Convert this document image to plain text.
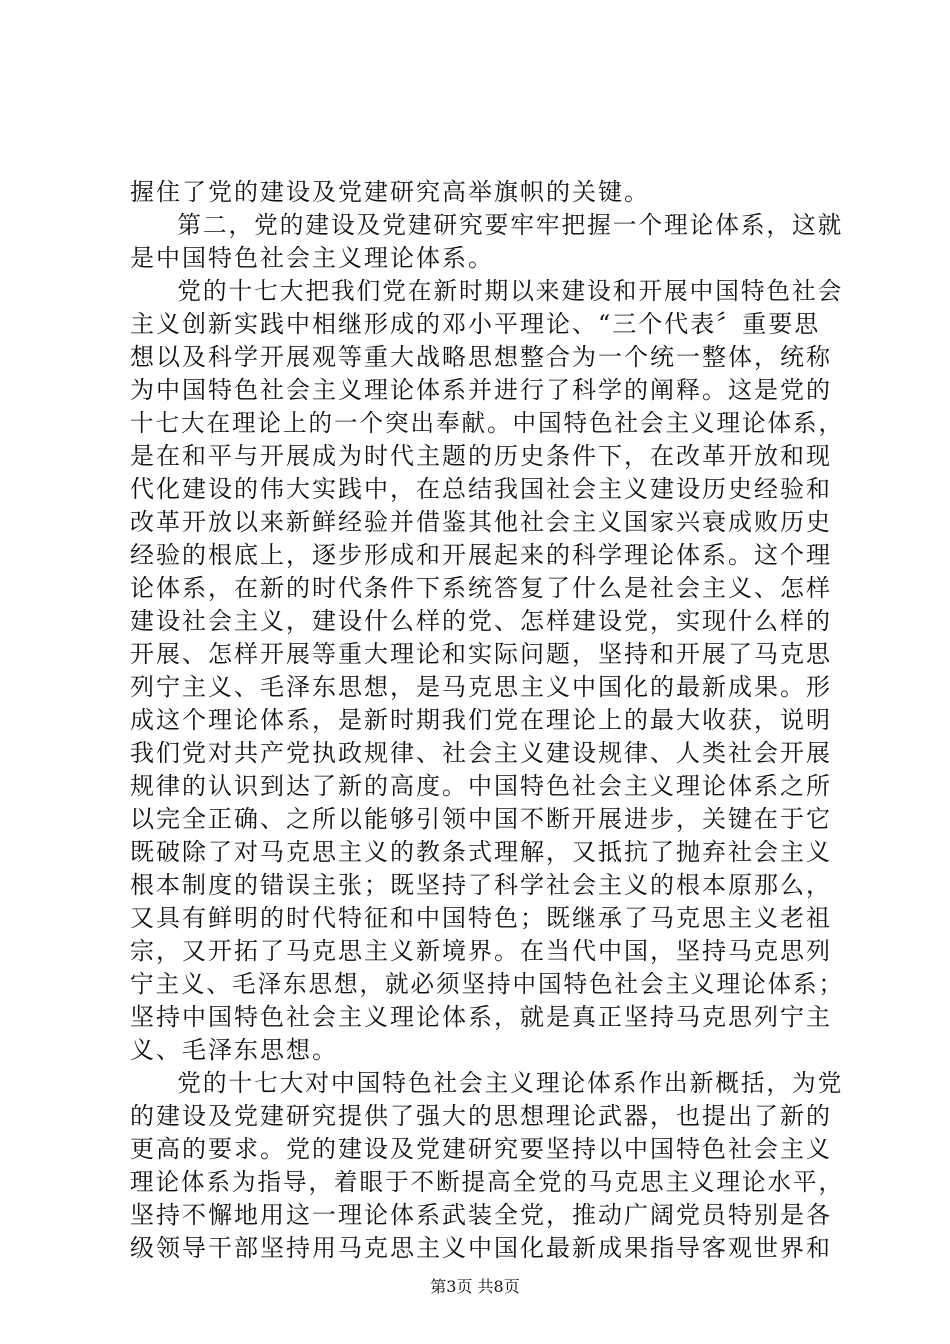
握住了党的建设及党建研究高举旗帜的关键。
第二，党的建设及党建研究要牢牢把握一个理论体系，这就
是中国特色社会主义理论体系。
党的十七大把我们党在新时期以来建设和开展中国特色社会
主义创新实践中相继形成的邓小平理论、“三个代表〞重要思
想以及科学开展观等重大战略思想整合为一个统一整体，统称
为中国特色社会主义理论体系并进行了科学的阐释。这是党的
十七大在理论上的一个突出奉献。中国特色社会主义理论体系，
是在和平与开展成为时代主题的历史条件下，在改革开放和现
代化建设的伟大实践中，在总结我国社会主义建设历史经验和
改革开放以来新鲜经验并借鉴其他社会主义国家兴衰成败历史
经验的根底上，逐步形成和开展起来的科学理论体系。这个理
论体系，在新的时代条件下系统答复了什么是社会主义、怎样
建设社会主义，建设什么样的党、怎样建设党，实现什么样的
开展、怎样开展等重大理论和实际问题，坚持和开展了马克思
列宁主义、毛泽东思想，是马克思主义中国化的最新成果。形
成这个理论体系，是新时期我们党在理论上的最大收获，说明
我们党对共产党执政规律、社会主义建设规律、人类社会开展
规律的认识到达了新的高度。中国特色社会主义理论体系之所
以完全正确、之所以能够引领中国不断开展进步，关键在于它
既破除了对马克思主义的教条式理解，又抵抗了抛弃社会主义
根本制度的错误主张；既坚持了科学社会主义的根本原那么，
又具有鲜明的时代特征和中国特色；既继承了马克思主义老祖
宗，又开拓了马克思主义新境界。在当代中国，坚持马克思列
宁主义、毛泽东思想，就必须坚持中国特色社会主义理论体系；
坚持中国特色社会主义理论体系，就是真正坚持马克思列宁主
义、毛泽东思想。
党的十七大对中国特色社会主义理论体系作出新概括，为党
的建设及党建研究提供了强大的思想理论武器，也提出了新的
更高的要求。党的建设及党建研究要坚持以中国特色社会主义
理论体系为指导，着眼于不断提高全党的马克思主义理论水平，
坚持不懈地用这一理论体系武装全党，推动广阔党员特别是各
级领导干部坚持用马克思主义中国化最新成果指导客观世界和
第3页 共8页
